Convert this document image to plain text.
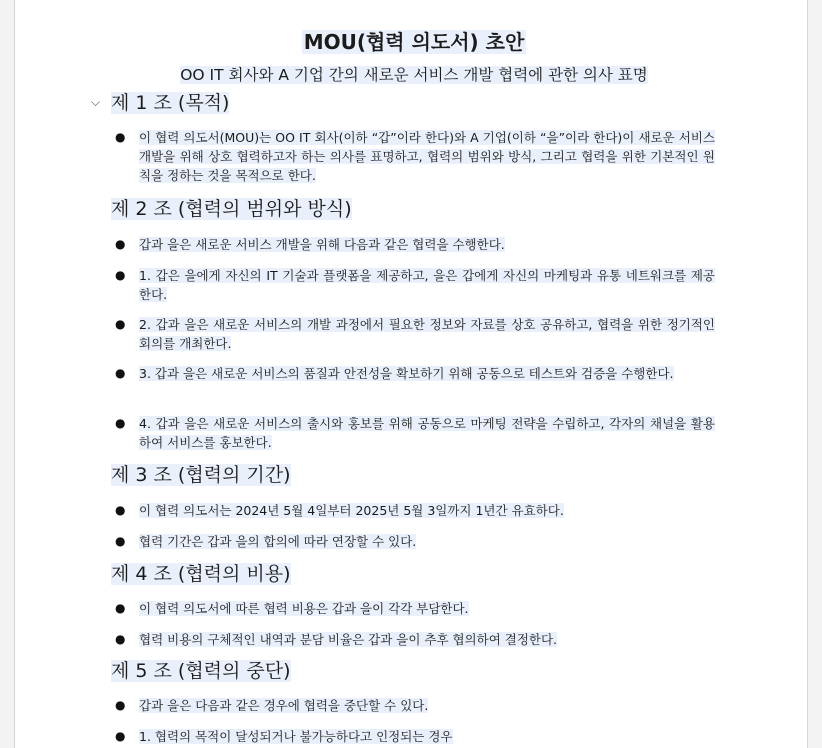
MOU(협력 의도서) 초안
OO IT 회사와 A 기업 간의 새로운 서비스 개발 협력에 관한 의사 표명
⌵ 제 1 조 (목적)
● 이 협력 의도서(MOU)는 OO IT 회사(이하 “갑”이라 한다)와 A 기업(이하 “을”이라 한다)이 새로운 서비스 개발을 위해 상호 협력하고자 하는 의사를 표명하고, 협력의 범위와 방식, 그리고 협력을 위한 기본적인 원칙을 정하는 것을 목적으로 한다.
제 2 조 (협력의 범위와 방식)
● 갑과 을은 새로운 서비스 개발을 위해 다음과 같은 협력을 수행한다.
● 1. 갑은 을에게 자신의 IT 기술과 플랫폼을 제공하고, 을은 갑에게 자신의 마케팅과 유통 네트워크를 제공한다.
● 2. 갑과 을은 새로운 서비스의 개발 과정에서 필요한 정보와 자료를 상호 공유하고, 협력을 위한 정기적인 회의를 개최한다.
● 3. 갑과 을은 새로운 서비스의 품질과 안전성을 확보하기 위해 공동으로 테스트와 검증을 수행한다.
● 4. 갑과 을은 새로운 서비스의 출시와 홍보를 위해 공동으로 마케팅 전략을 수립하고, 각자의 채널을 활용하여 서비스를 홍보한다.
제 3 조 (협력의 기간)
● 이 협력 의도서는 2024년 5월 4일부터 2025년 5월 3일까지 1년간 유효하다.
● 협력 기간은 갑과 을의 합의에 따라 연장할 수 있다.
제 4 조 (협력의 비용)
● 이 협력 의도서에 따른 협력 비용은 갑과 을이 각각 부담한다.
● 협력 비용의 구체적인 내역과 분담 비율은 갑과 을이 추후 협의하여 결정한다.
제 5 조 (협력의 중단)
● 갑과 을은 다음과 같은 경우에 협력을 중단할 수 있다.
● 1. 협력의 목적이 달성되거나 불가능하다고 인정되는 경우
